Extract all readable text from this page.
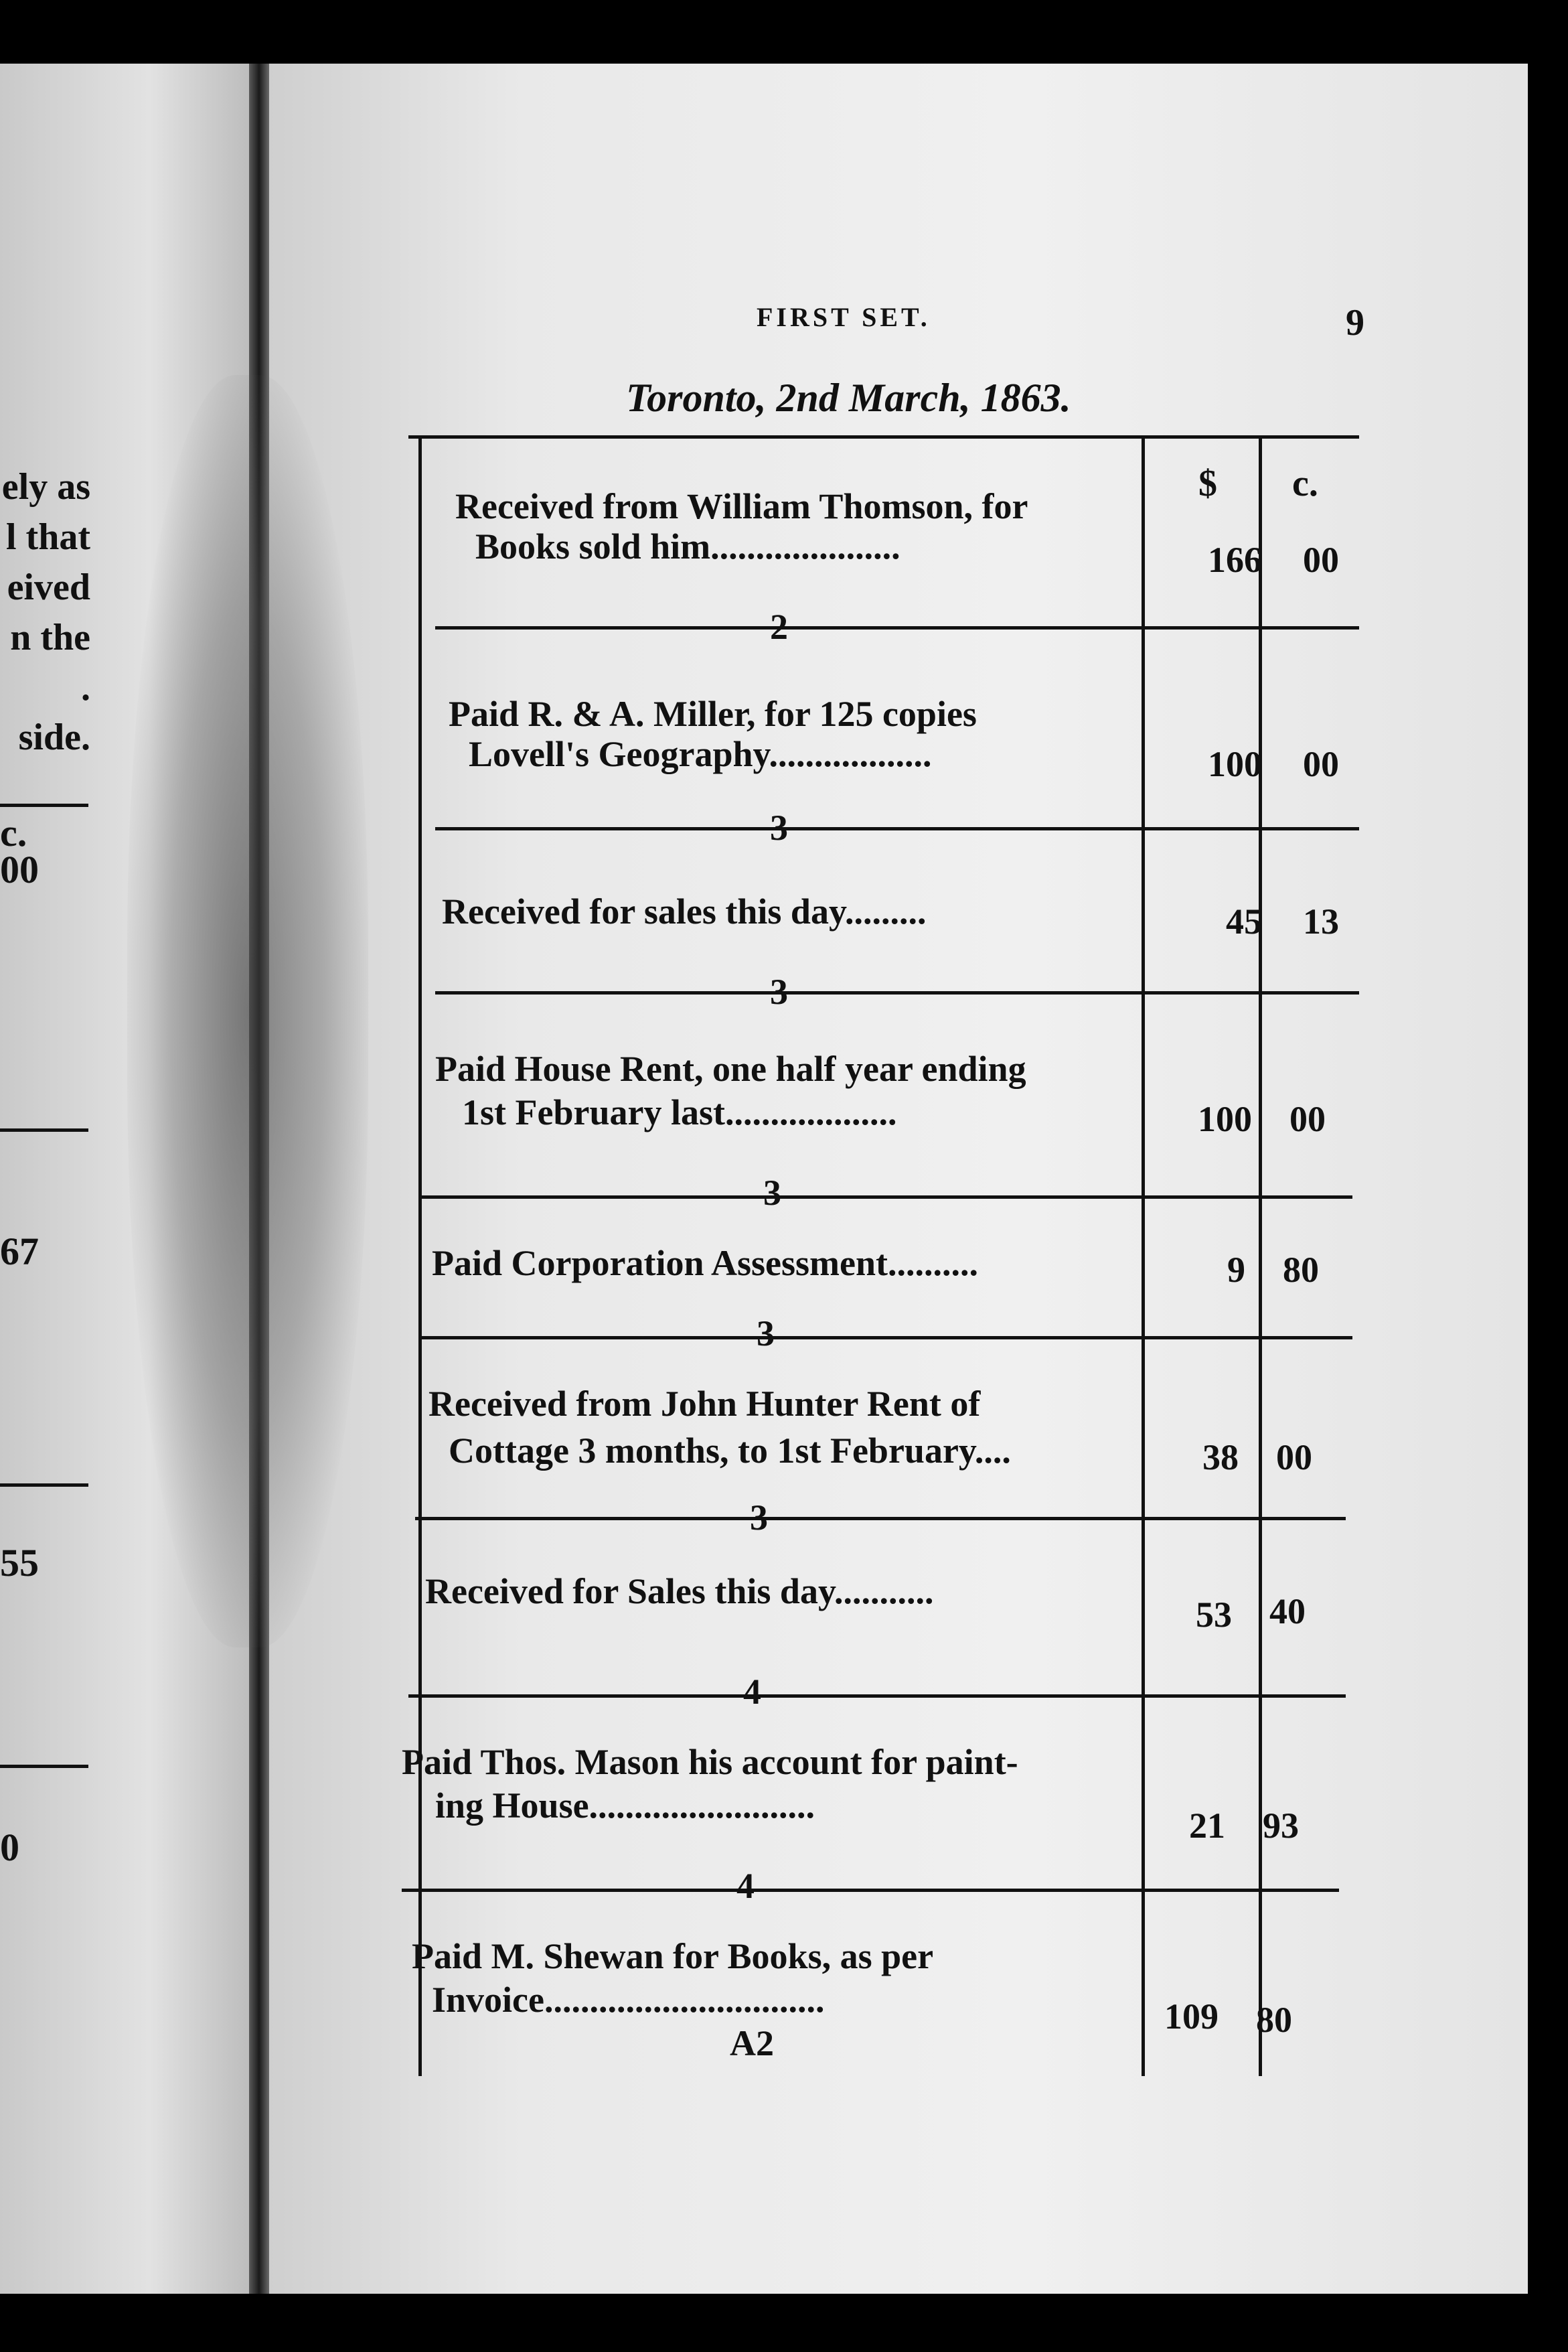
ely as
l that
eived
n the
. side.
c.
00
67
55
0
FIRST SET.	9
Toronto, 2nd March, 1863.
$ c.
Received from William Thomson, for
Books sold him.....................	166	00
2
Paid R. & A. Miller, for 125 copies
Lovell's Geography..................	100	00
3
Received for sales this day.........	45	13
3
Paid House Rent, one half year ending
1st February last...................	100	00
3
Paid Corporation Assessment..........	9	80
3
Received from John Hunter Rent of
Cottage 3 months, to 1st February....	38	00
3
Received for Sales this day...........
53	40
4
Paid Thos. Mason his account for paint-
ing House.........................	21	93
4
Paid M. Shewan for Books, as per
Invoice...............................	109	80
A2
